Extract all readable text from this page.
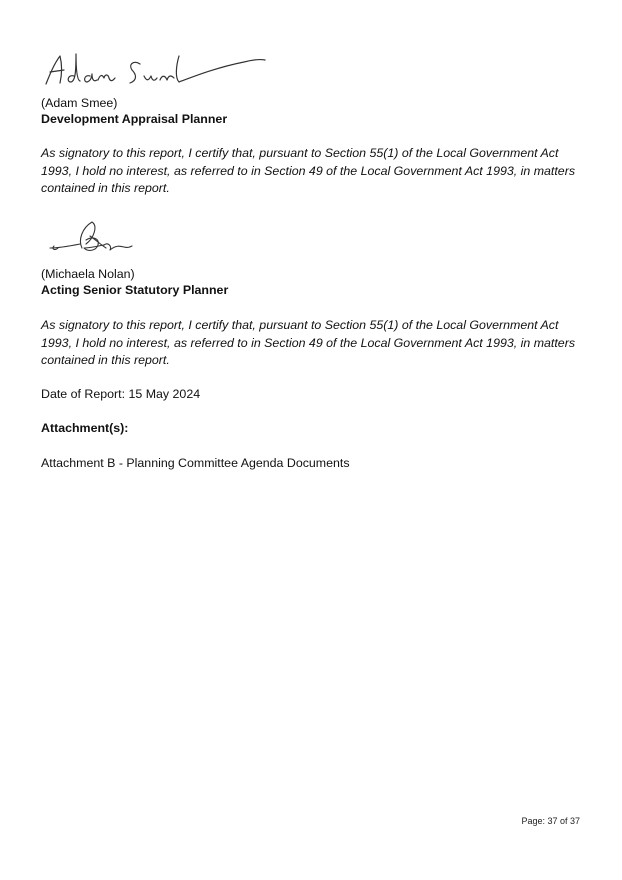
(Adam Smee)
Development Appraisal Planner
As signatory to this report, I certify that, pursuant to Section 55(1) of the Local Government Act 1993, I hold no interest, as referred to in Section 49 of the Local Government Act 1993, in matters contained in this report.
(Michaela Nolan)
Acting Senior Statutory Planner
As signatory to this report, I certify that, pursuant to Section 55(1) of the Local Government Act 1993, I hold no interest, as referred to in Section 49 of the Local Government Act 1993, in matters contained in this report.
Date of Report: 15 May 2024
Attachment(s):
Attachment B - Planning Committee Agenda Documents
Page: 37 of 37
